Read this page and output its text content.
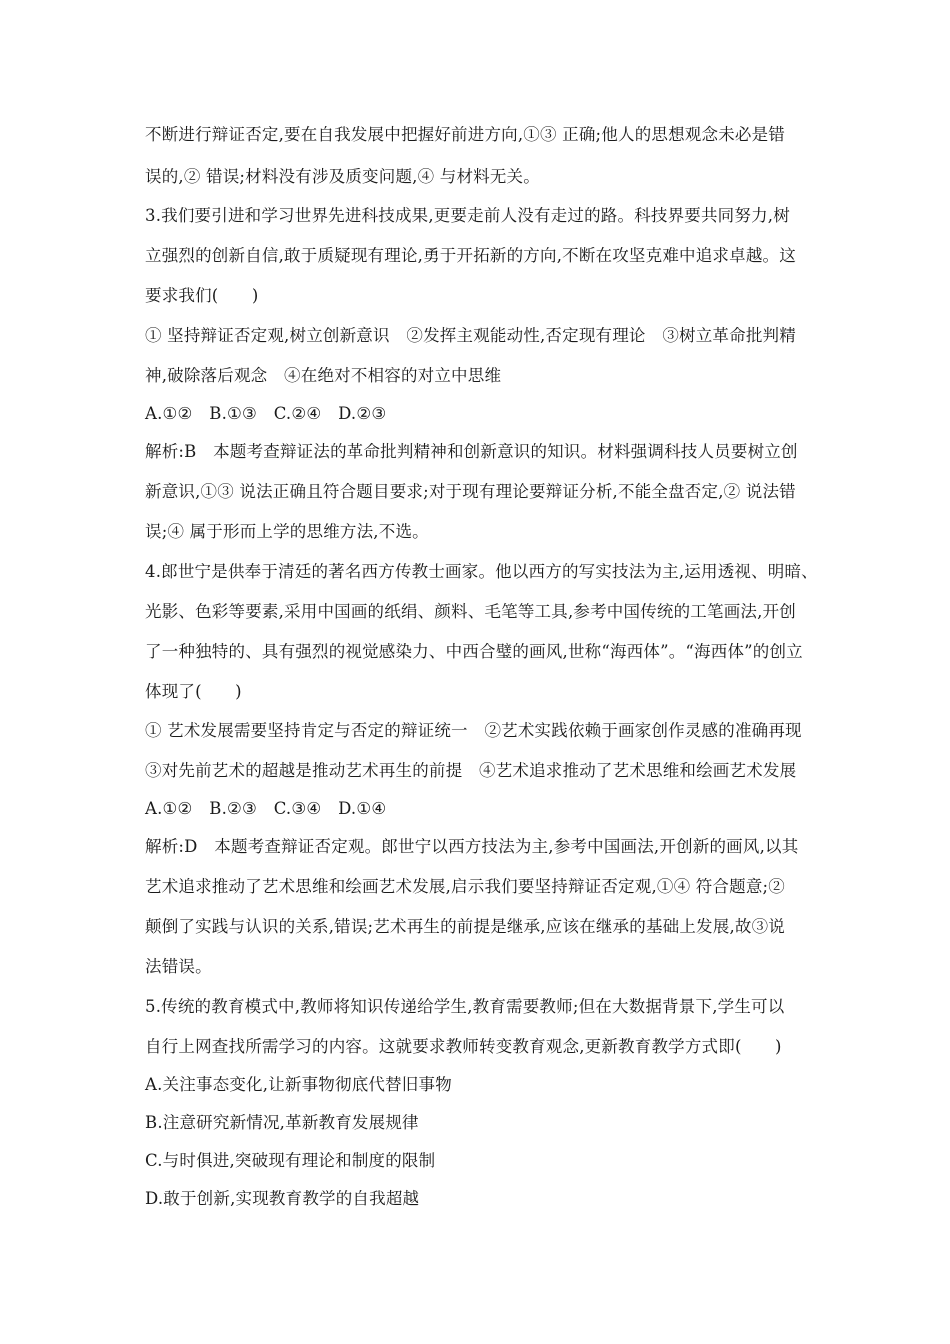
不断进行辩证否定,要在自我发展中把握好前进方向,①③ 正确;他人的思想观念未必是错
误的,② 错误;材料没有涉及质变问题,④ 与材料无关。
3.我们要引进和学习世界先进科技成果,更要走前人没有走过的路。科技界要共同努力,树
立强烈的创新自信,敢于质疑现有理论,勇于开拓新的方向,不断在攻坚克难中追求卓越。这
要求我们(　　)
① 坚持辩证否定观,树立创新意识　②发挥主观能动性,否定现有理论　③树立革命批判精
神,破除落后观念　④在绝对不相容的对立中思维
A.①②　B.①③　C.②④　D.②③
解析:B　本题考查辩证法的革命批判精神和创新意识的知识。材料强调科技人员要树立创
新意识,①③ 说法正确且符合题目要求;对于现有理论要辩证分析,不能全盘否定,② 说法错
误;④ 属于形而上学的思维方法,不选。
4.郎世宁是供奉于清廷的著名西方传教士画家。他以西方的写实技法为主,运用透视、明暗、
光影、色彩等要素,采用中国画的纸绢、颜料、毛笔等工具,参考中国传统的工笔画法,开创
了一种独特的、具有强烈的视觉感染力、中西合璧的画风,世称“海西体”。“海西体”的创立
体现了(　　)
① 艺术发展需要坚持肯定与否定的辩证统一　②艺术实践依赖于画家创作灵感的准确再现
③对先前艺术的超越是推动艺术再生的前提　④艺术追求推动了艺术思维和绘画艺术发展
A.①②　B.②③　C.③④　D.①④
解析:D　本题考查辩证否定观。郎世宁以西方技法为主,参考中国画法,开创新的画风,以其
艺术追求推动了艺术思维和绘画艺术发展,启示我们要坚持辩证否定观,①④ 符合题意;②
颠倒了实践与认识的关系,错误;艺术再生的前提是继承,应该在继承的基础上发展,故③说
法错误。
5.传统的教育模式中,教师将知识传递给学生,教育需要教师;但在大数据背景下,学生可以
自行上网查找所需学习的内容。这就要求教师转变教育观念,更新教育教学方式即(　　)
A.关注事态变化,让新事物彻底代替旧事物
B.注意研究新情况,革新教育发展规律
C.与时俱进,突破现有理论和制度的限制
D.敢于创新,实现教育教学的自我超越
